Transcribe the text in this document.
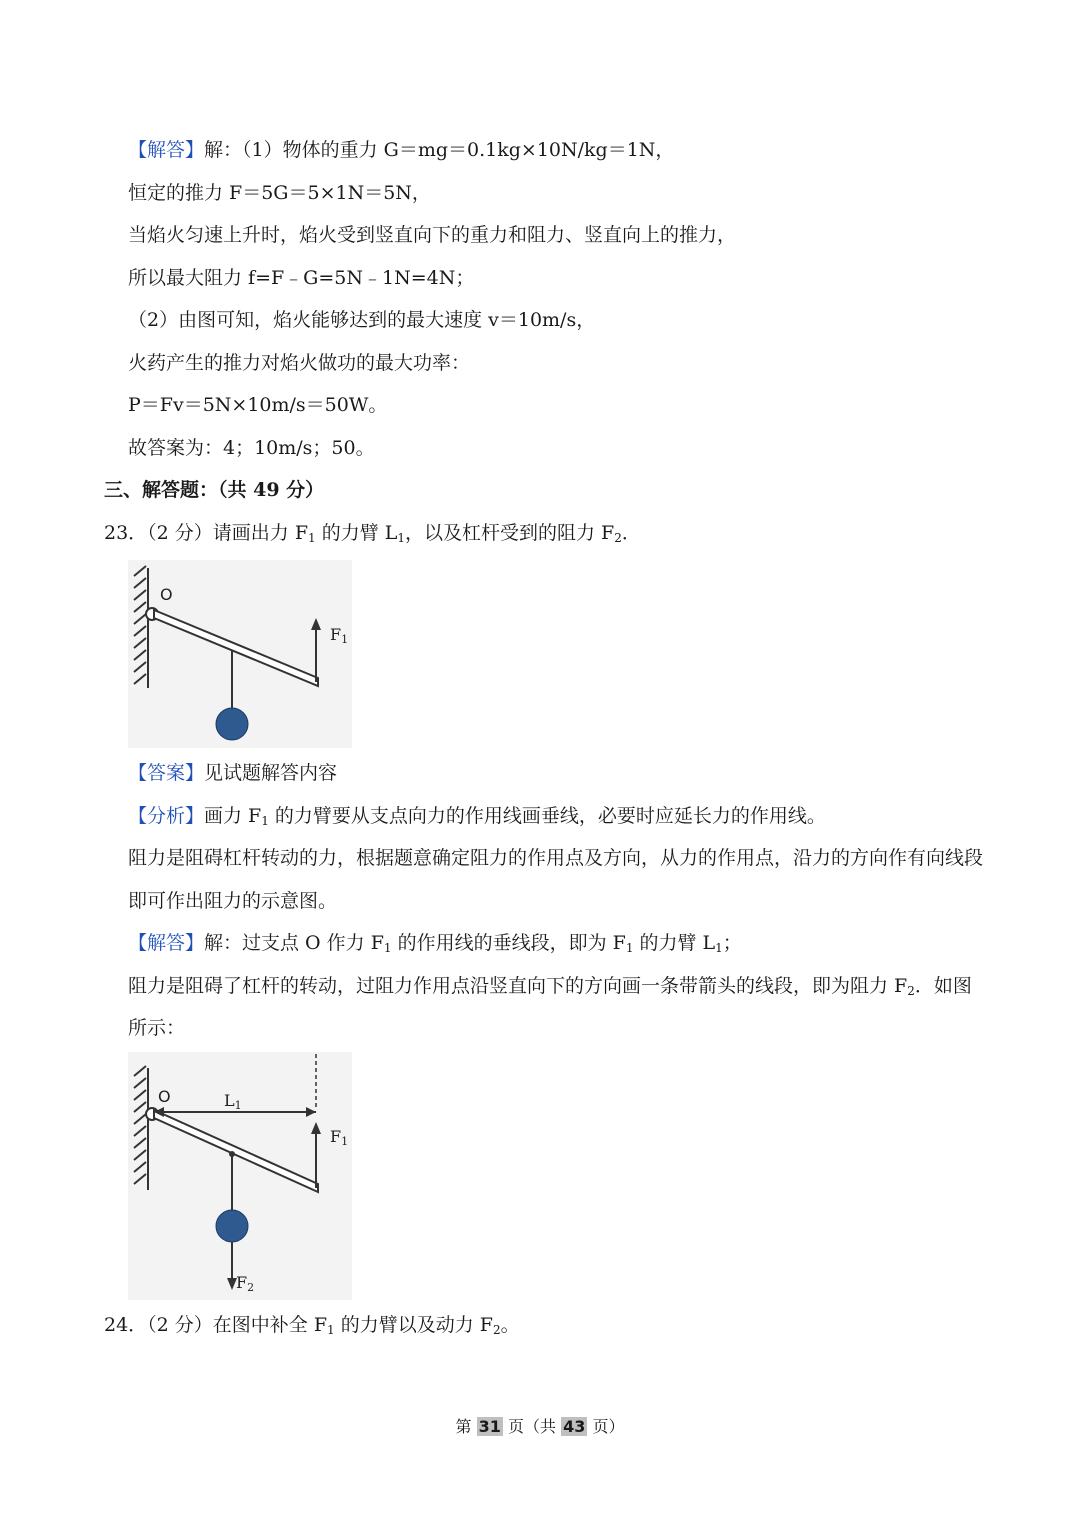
【解答】解：（1）物体的重力 G＝mg＝0.1kg×10N/kg＝1N，
恒定的推力 F＝5G＝5×1N＝5N，
当焰火匀速上升时，焰火受到竖直向下的重力和阻力、竖直向上的推力，
所以最大阻力 f=F﹣G=5N﹣1N=4N；
（2）由图可知，焰火能够达到的最大速度 v＝10m/s，
火药产生的推力对焰火做功的最大功率：
P＝Fv＝5N×10m/s＝50W。
故答案为：4；10m/s；50。
三、解答题：（共 49 分）
23．（2 分）请画出力 $F_1$ 的力臂 $L_1$，以及杠杆受到的阻力 $F_2$．
O
F1
【答案】见试题解答内容
【分析】画力 $F_1$ 的力臂要从支点向力的作用线画垂线，必要时应延长力的作用线。
阻力是阻碍杠杆转动的力，根据题意确定阻力的作用点及方向，从力的作用点，沿力的方向作有向线段
即可作出阻力的示意图。
【解答】解：过支点 O 作力 $F_1$ 的作用线的垂线段，即为 $F_1$ 的力臂 $L_1$；
阻力是阻碍了杠杆的转动，过阻力作用点沿竖直向下的方向画一条带箭头的线段，即为阻力 $F_2$．如图
所示：
O	L1
F1
F2
24．（2 分）在图中补全 $F_1$ 的力臂以及动力 $F_2$。
第 31 页（共 43 页）
